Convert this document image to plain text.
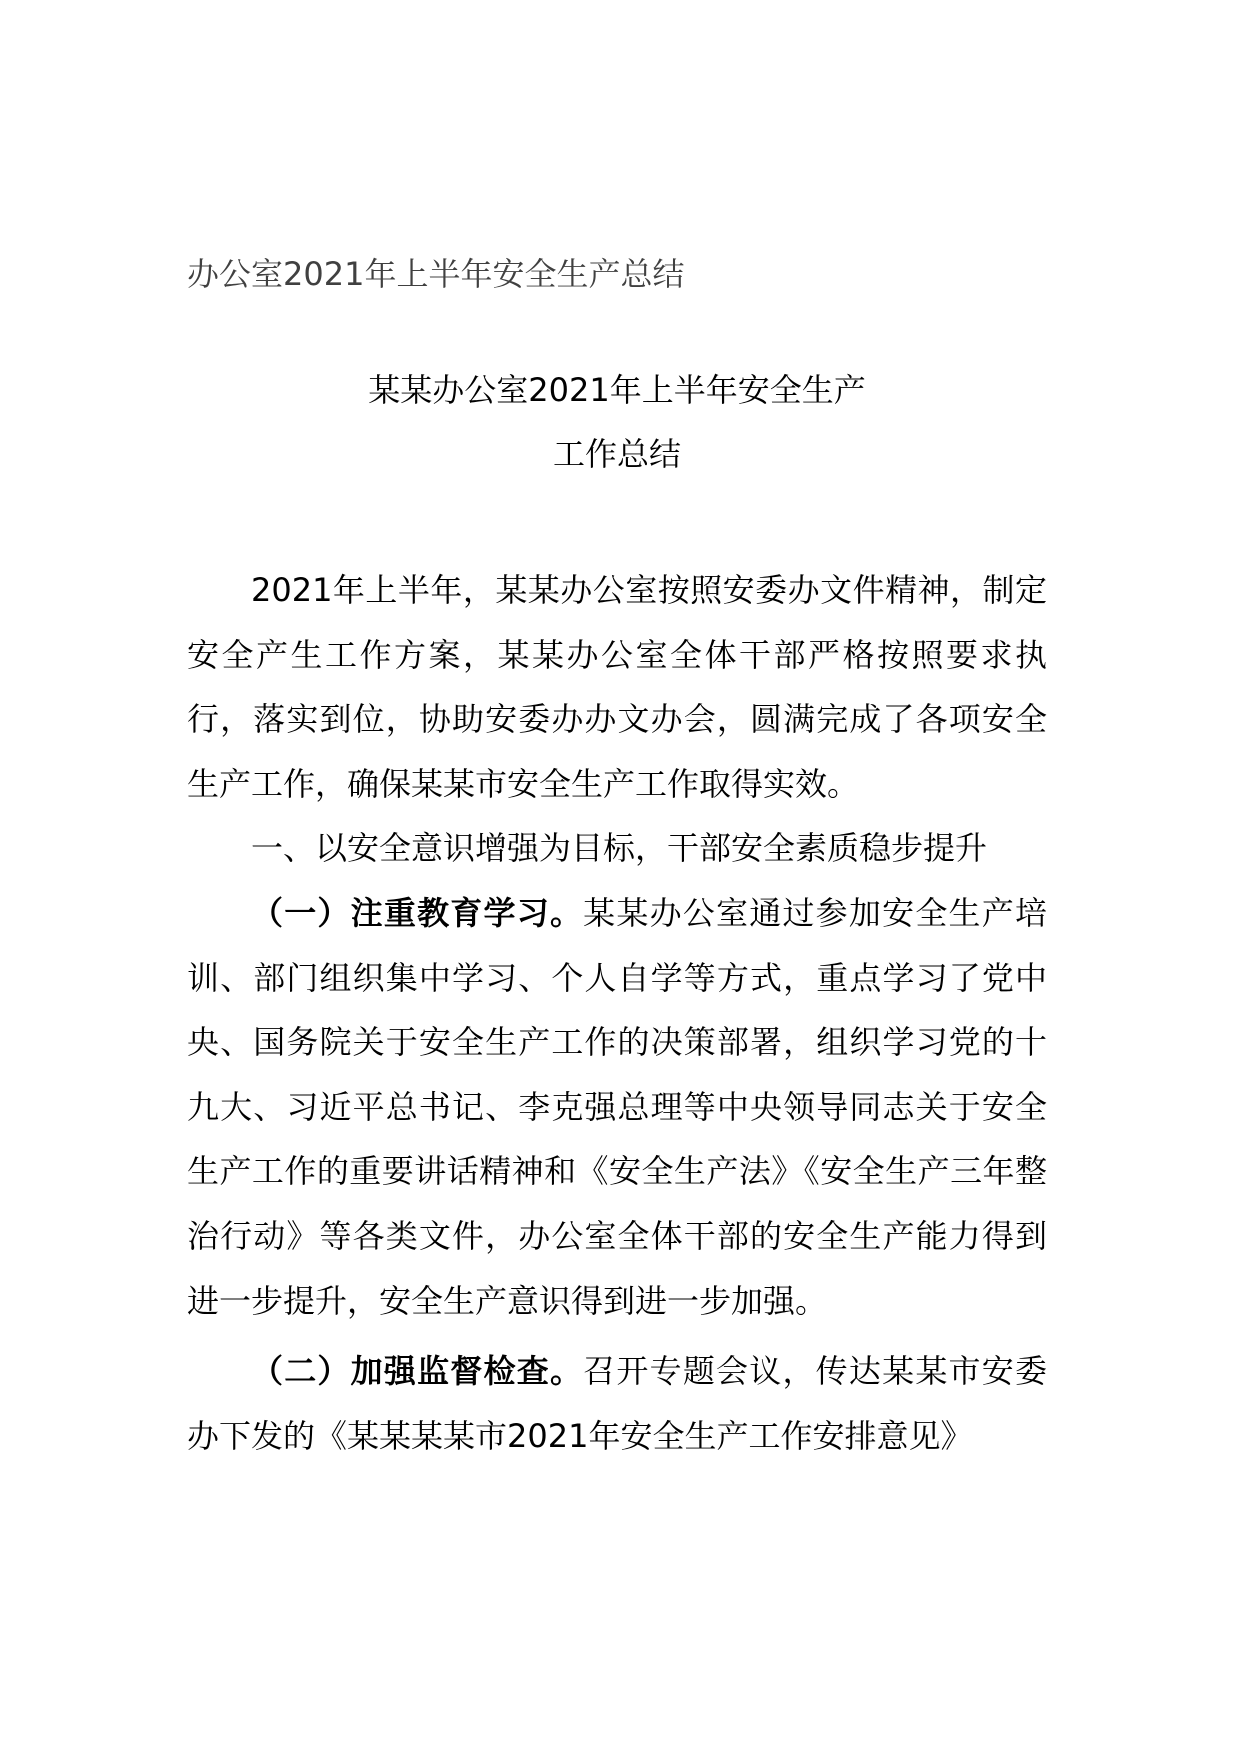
办公室2021年上半年安全生产总结
某某办公室2021年上半年安全生产
工作总结

2021年上半年，某某办公室按照安委办文件精神，制定安全产生工作方案，某某办公室全体干部严格按照要求执行，落实到位，协助安委办办文办会，圆满完成了各项安全生产工作，确保某某市安全生产工作取得实效。

一、以安全意识增强为目标，干部安全素质稳步提升

（一）注重教育学习。某某办公室通过参加安全生产培训、部门组织集中学习、个人自学等方式，重点学习了党中央、国务院关于安全生产工作的决策部署，组织学习党的十九大、习近平总书记、李克强总理等中央领导同志关于安全生产工作的重要讲话精神和《安全生产法》《安全生产三年整治行动》等各类文件，办公室全体干部的安全生产能力得到进一步提升，安全生产意识得到进一步加强。

（二）加强监督检查。召开专题会议，传达某某市安委办下发的《某某某某市2021年安全生产工作安排意见》
